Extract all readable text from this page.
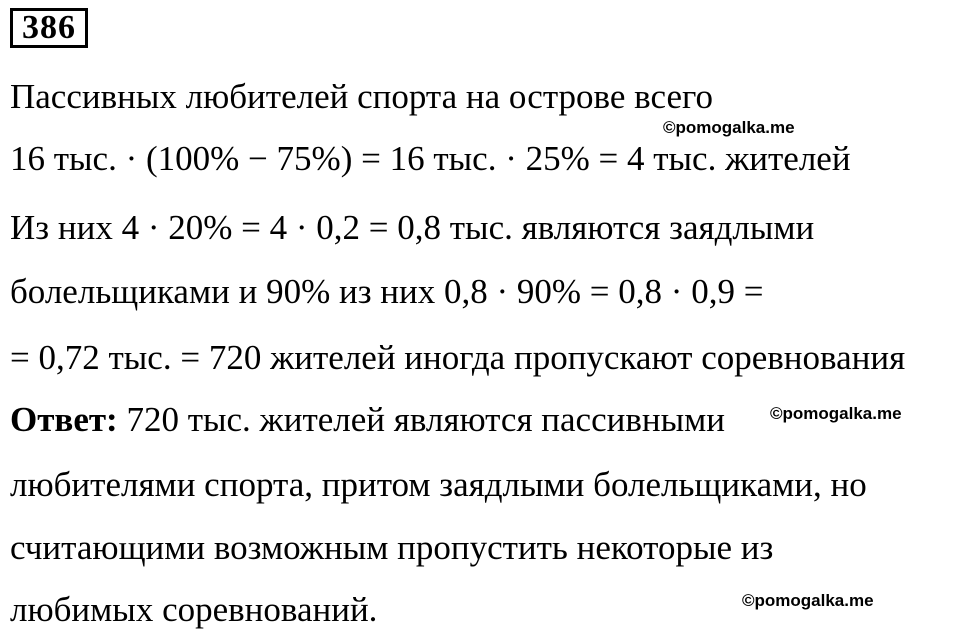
386
Пассивных любителей спорта на острове всего
©pomogalka.me
16 тыс. · (100% − 75%) = 16 тыс. · 25% = 4 тыс. жителей
Из них 4 · 20% = 4 · 0,2 = 0,8 тыс. являются заядлыми
болельщиками и 90% из них 0,8 · 90% = 0,8 · 0,9 =
= 0,72 тыс. = 720 жителей иногда пропускают соревнования
Ответ: 720 тыс. жителей являются пассивными	©pomogalka.me
любителями спорта, притом заядлыми болельщиками, но
считающими возможным пропустить некоторые из
любимых соревнований.	©pomogalka.me
